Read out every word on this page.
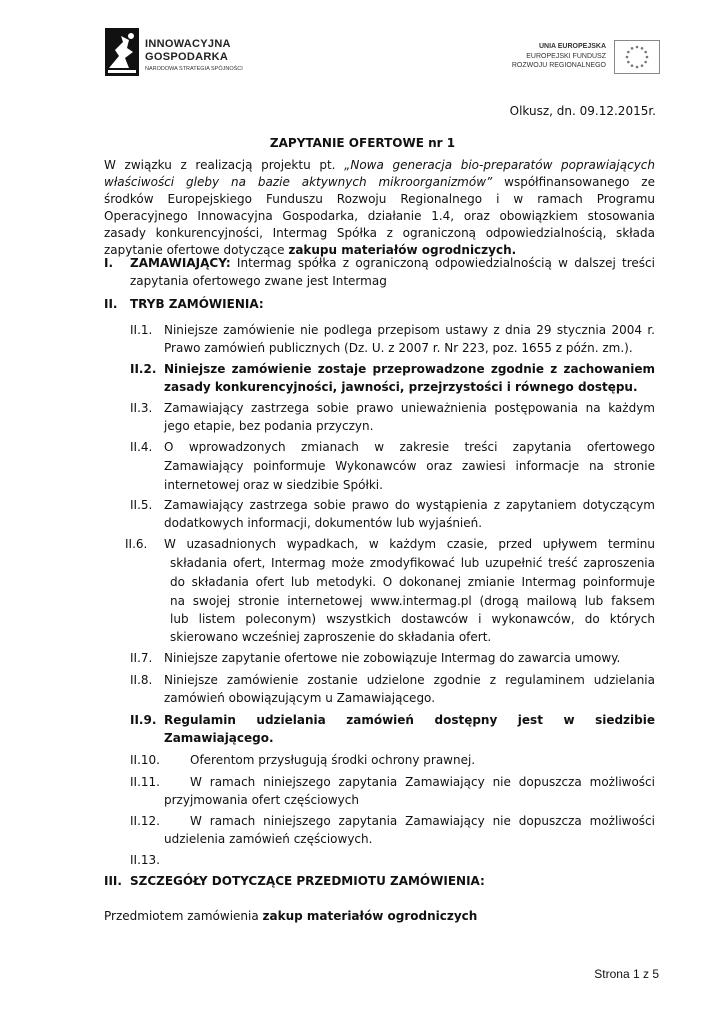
INNOWACYJNA
GOSPODARKA
NARODOWA STRATEGIA SPÓJNOŚCI
UNIA EUROPEJSKA
EUROPEJSKI FUNDUSZ
ROZWOJU REGIONALNEGO
Olkusz, dn. 09.12.2015r.
ZAPYTANIE OFERTOWE nr 1
W związku z realizacją projektu pt. „Nowa generacja bio-preparatów poprawiających
właściwości gleby na bazie aktywnych mikroorganizmów” współfinansowanego ze
środków Europejskiego Funduszu Rozwoju Regionalnego i w ramach Programu
Operacyjnego Innowacyjna Gospodarka, działanie 1.4, oraz obowiązkiem stosowania
zasady konkurencyjności, Intermag Spółka z ograniczoną odpowiedzialnością, składa
zapytanie ofertowe dotyczące zakupu materiałów ogrodniczych.
I. ZAMAWIAJĄCY: Intermag spółka z ograniczoną odpowiedzialnością w dalszej treści
zapytania ofertowego zwane jest Intermag
II. TRYB ZAMÓWIENIA:
II.1. Niniejsze zamówienie nie podlega przepisom ustawy z dnia 29 stycznia 2004 r.
Prawo zamówień publicznych (Dz. U. z 2007 r. Nr 223, poz. 1655 z późn. zm.).
II.2. Niniejsze zamówienie zostaje przeprowadzone zgodnie z zachowaniem
zasady konkurencyjności, jawności, przejrzystości i równego dostępu.
II.3. Zamawiający zastrzega sobie prawo unieważnienia postępowania na każdym
jego etapie, bez podania przyczyn.
II.4. O wprowadzonych zmianach w zakresie treści zapytania ofertowego
Zamawiający poinformuje Wykonawców oraz zawiesi informacje na stronie
internetowej oraz w siedzibie Spółki.
II.5. Zamawiający zastrzega sobie prawo do wystąpienia z zapytaniem dotyczącym
dodatkowych informacji, dokumentów lub wyjaśnień.
II.6. W uzasadnionych wypadkach, w każdym czasie, przed upływem terminu
składania ofert, Intermag może zmodyfikować lub uzupełnić treść zaproszenia
do składania ofert lub metodyki. O dokonanej zmianie Intermag poinformuje
na swojej stronie internetowej www.intermag.pl (drogą mailową lub faksem
lub listem poleconym) wszystkich dostawców i wykonawców, do których
skierowano wcześniej zaproszenie do składania ofert.
II.7. Niniejsze zapytanie ofertowe nie zobowiązuje Intermag do zawarcia umowy.
II.8. Niniejsze zamówienie zostanie udzielone zgodnie z regulaminem udzielania
zamówień obowiązującym u Zamawiającego.
II.9. Regulamin udzielania zamówień dostępny jest w siedzibie
Zamawiającego.
II.10.	Oferentom przysługują środki ochrony prawnej.
II.11.	W ramach niniejszego zapytania Zamawiający nie dopuszcza możliwości
przyjmowania ofert częściowych
II.12.	W ramach niniejszego zapytania Zamawiający nie dopuszcza możliwości
udzielenia zamówień częściowych.
II.13.
III. SZCZEGÓŁY DOTYCZĄCE PRZEDMIOTU ZAMÓWIENIA:
Przedmiotem zamówienia zakup materiałów ogrodniczych
Strona 1 z 5
